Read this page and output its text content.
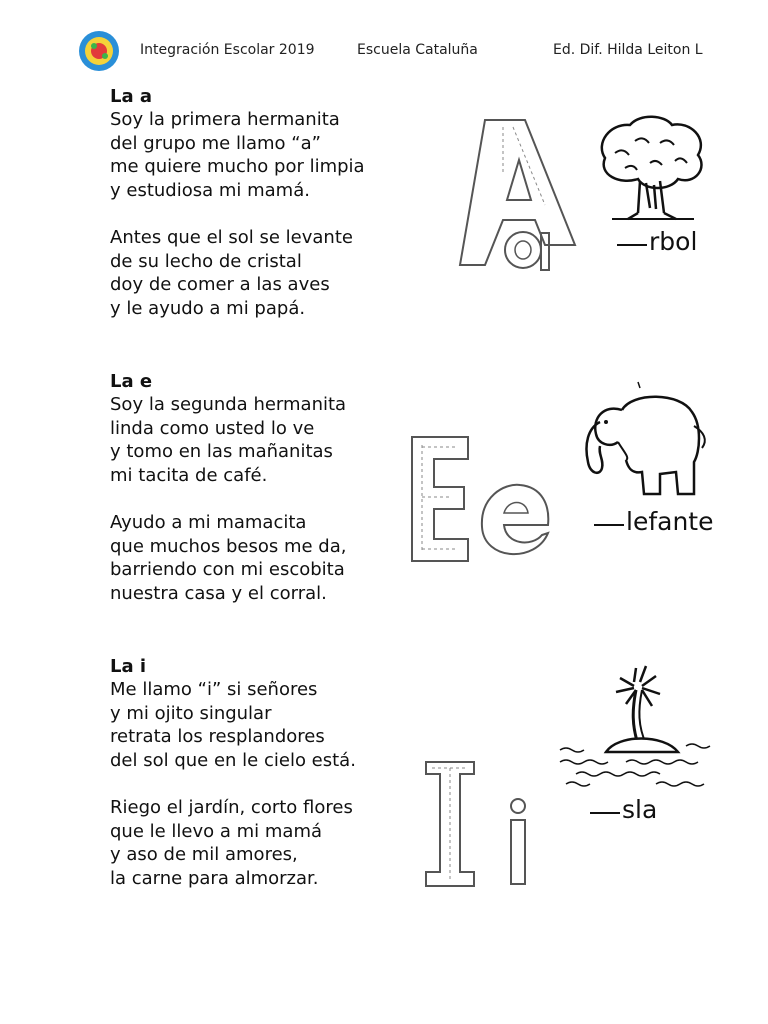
Integración Escolar 2019	Escuela Cataluña	Ed. Dif. Hilda Leiton L
La a
Soy la primera hermanita
del grupo me llamo “a”
me quiere mucho por limpia
y estudiosa mi mamá.
Antes que el sol se levante
de su lecho de cristal
doy de comer a las aves
y le ayudo a mi papá.
rbol
La e
Soy la segunda hermanita
linda como usted lo ve
y tomo en las mañanitas
mi tacita de café.
Ayudo a mi mamacita
que muchos besos me da,
barriendo con mi escobita
nuestra casa y el corral.
lefante
La i
Me llamo “i” si señores
y mi ojito singular
retrata los resplandores
del sol que en le cielo está.
Riego el jardín, corto flores
que le llevo a mi mamá
y aso de mil amores,
la carne para almorzar.
sla
